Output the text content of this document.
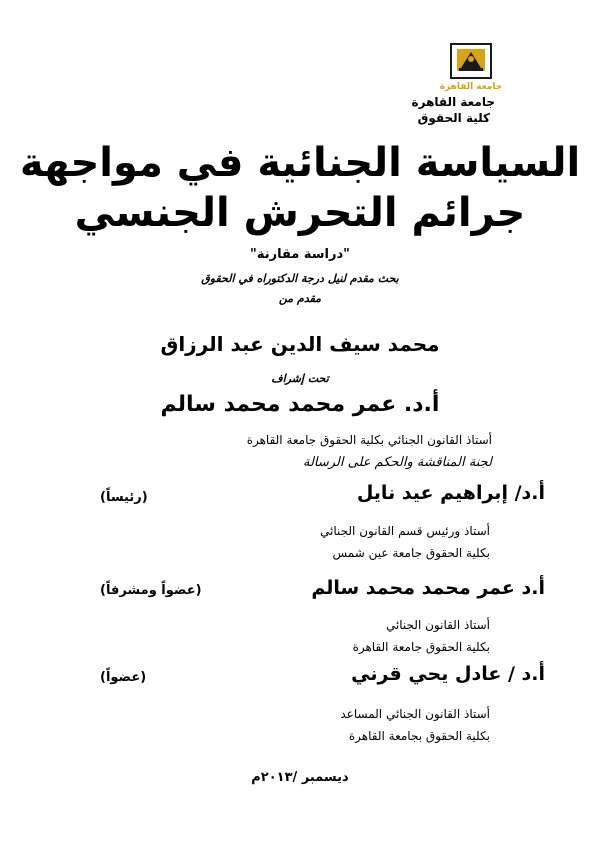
جامعة القاهرة
جامعة القاهرة
كلية الحقوق
السياسة الجنائية في مواجهة
جرائم التحرش الجنسي
"دراسة مقارنة"
بحث مقدم لنيل درجة الدكتوراه في الحقوق
مقدم من
محمد سيف الدين عبد الرزاق
تحت إشراف
أ.د. عمر محمد محمد سالم
أستاذ القانون الجنائي بكلية الحقوق جامعة القاهرة
لجنة المناقشة والحكم على الرسالة
أ.د/ إبراهيم عيد نايل
(رئيساً)
أستاذ ورئيس قسم القانون الجنائي
بكلية الحقوق جامعة عين شمس
أ.د عمر محمد محمد سالم
(عضواً ومشرفاً)
أستاذ القانون الجنائي
بكلية الحقوق جامعة القاهرة
أ.د / عادل يحي قرني
(عضواً)
أستاذ القانون الجنائي المساعد
بكلية الحقوق بجامعة القاهرة
ديسمبر /٢٠١٣م
